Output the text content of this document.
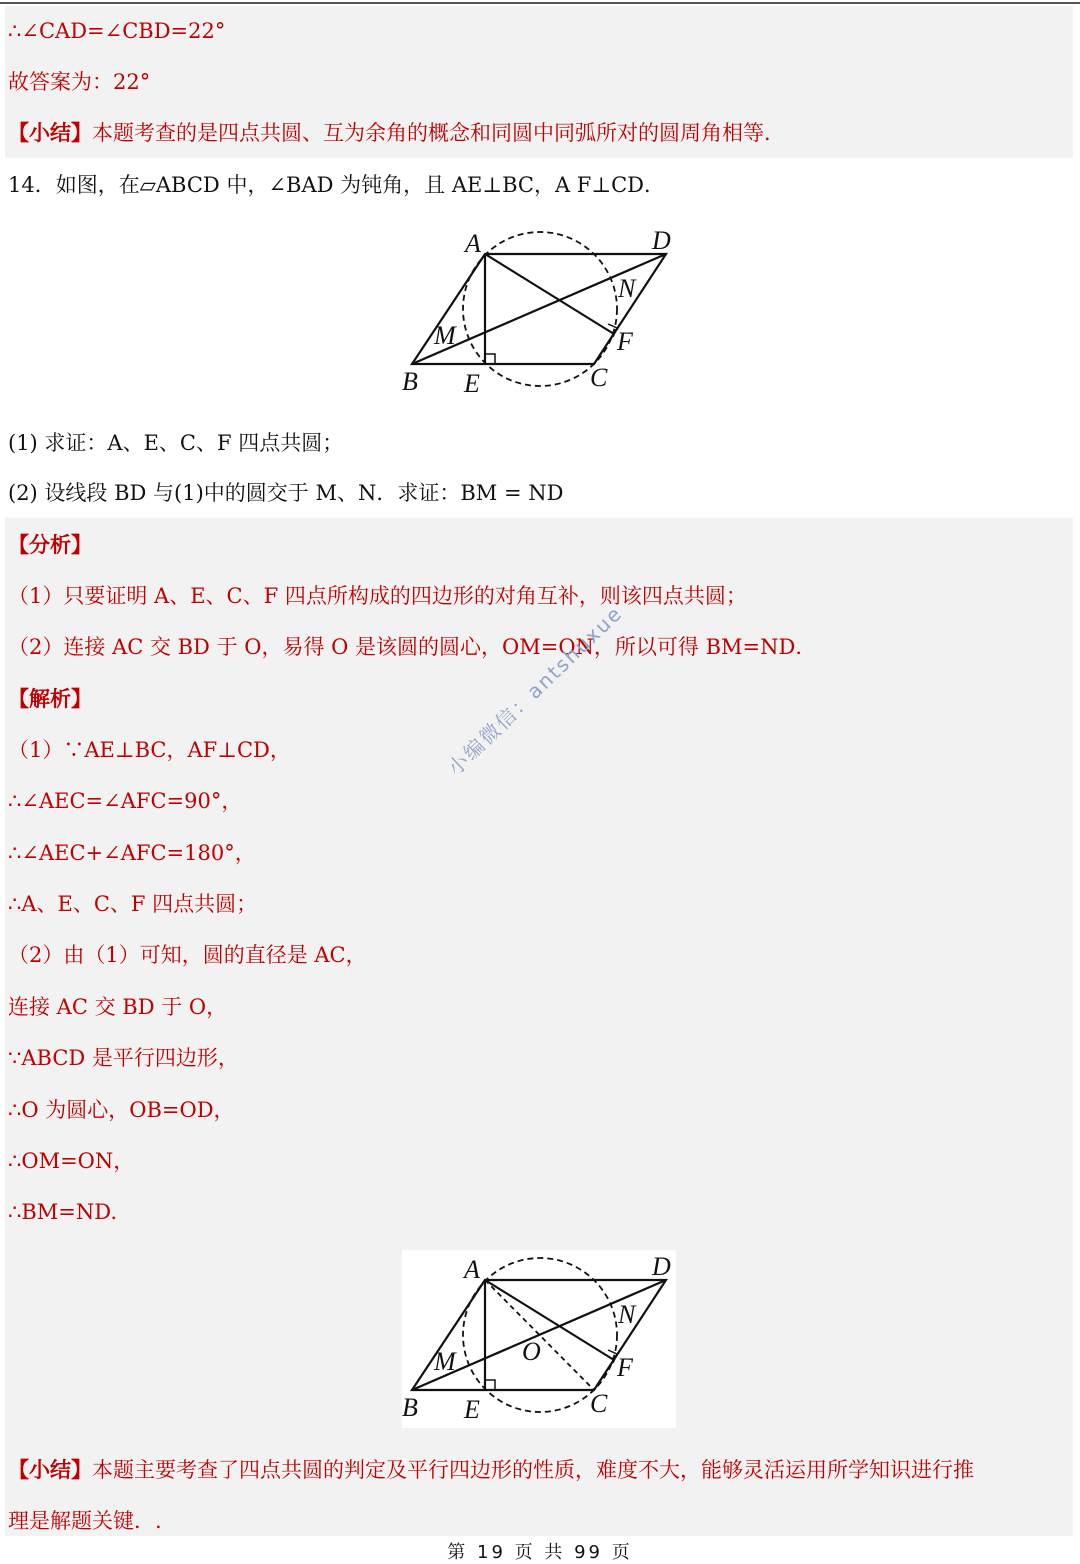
∴∠CAD=∠CBD=22°
故答案为：22°
【小结】本题考查的是四点共圆、互为余角的概念和同圆中同弧所对的圆周角相等．
14．如图，在▱ABCD 中，∠BAD 为钝角，且 AE⊥BC，A F⊥CD．
A	D
N
F
M
B E	C
(1) 求证：A、E、C、F 四点共圆；
(2) 设线段 BD 与(1)中的圆交于 M、N．求证：BM = ND
【分析】
（1）只要证明 A、E、C、F 四点所构成的四边形的对角互补，则该四点共圆；
（2）连接 AC 交 BD 于 O，易得 O 是该圆的圆心，OM=ON，所以可得 BM=ND．
【解析】
（1）∵AE⊥BC，AF⊥CD，
∴∠AEC=∠AFC=90°，
∴∠AEC+∠AFC=180°，
∴A、E、C、F 四点共圆；
（2）由（1）可知，圆的直径是 AC，
连接 AC 交 BD 于 O，
∵ABCD 是平行四边形，
∴O 为圆心，OB=OD，
∴OM=ON，
∴BM=ND.
A	D
N
F
O
M
B E	C
【小结】本题主要考查了四点共圆的判定及平行四边形的性质，难度不大，能够灵活运用所学知识进行推
理是解题关键．.
小编微信：antshuxue
第 19 页 共 99 页
